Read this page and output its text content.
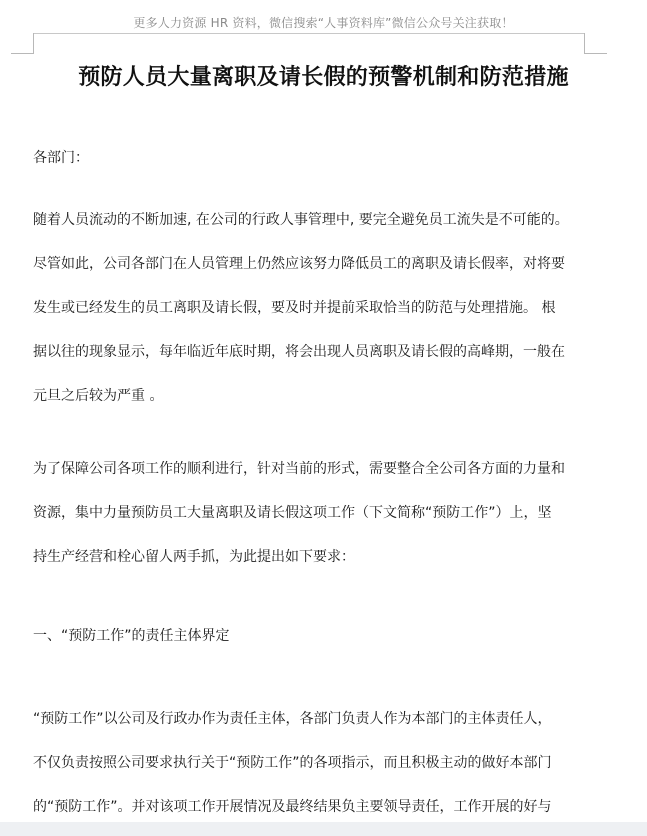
更多人力资源 HR 资料，微信搜索“人事资料库”微信公众号关注获取！
预防人员大量离职及请长假的预警机制和防范措施

各部门：

随着人员流动的不断加速, 在公司的行政人事管理中, 要完全避免员工流失是不可能的。
尽管如此，公司各部门在人员管理上仍然应该努力降低员工的离职及请长假率，对将要
发生或已经发生的员工离职及请长假，要及时并提前采取恰当的防范与处理措施。 根
据以往的现象显示，每年临近年底时期，将会出现人员离职及请长假的高峰期，一般在
元旦之后较为严重 。

为了保障公司各项工作的顺利进行，针对当前的形式，需要整合全公司各方面的力量和
资源，集中力量预防员工大量离职及请长假这项工作（下文简称“预防工作”）上，坚
持生产经营和栓心留人两手抓，为此提出如下要求：

一、“预防工作”的责任主体界定

“预防工作”以公司及行政办作为责任主体，各部门负责人作为本部门的主体责任人，
不仅负责按照公司要求执行关于“预防工作”的各项指示，而且积极主动的做好本部门
的“预防工作”。并对该项工作开展情况及最终结果负主要领导责任，工作开展的好与
